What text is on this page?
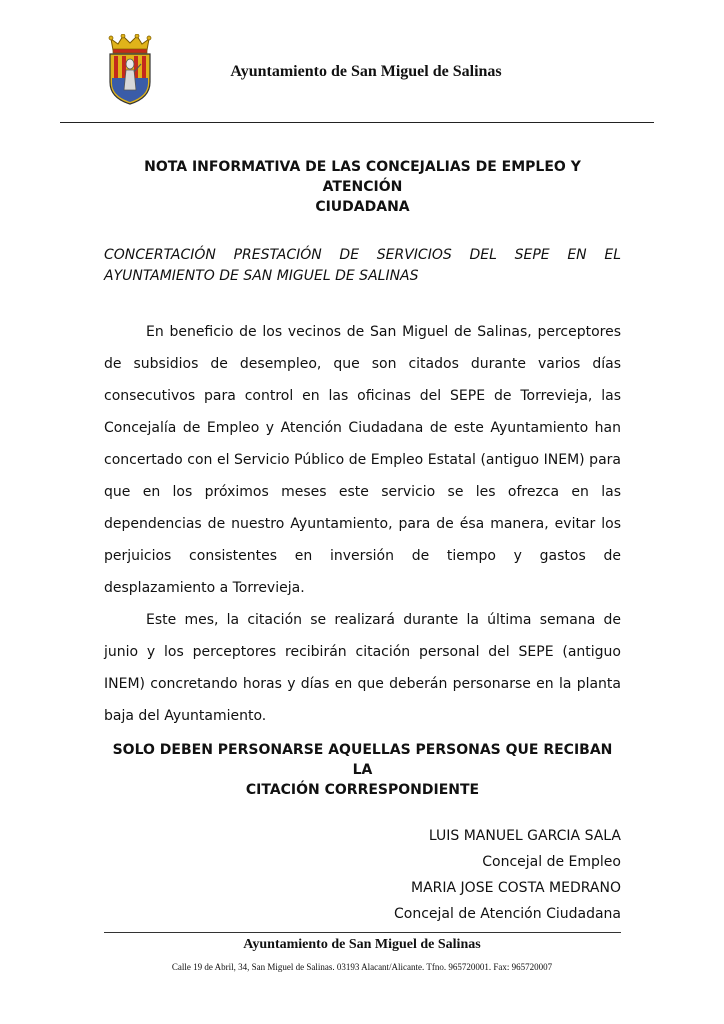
Ayuntamiento de San Miguel de Salinas
NOTA INFORMATIVA DE LAS CONCEJALIAS DE EMPLEO Y ATENCIÓN
CIUDADANA
CONCERTACIÓN PRESTACIÓN DE SERVICIOS DEL SEPE EN EL
AYUNTAMIENTO DE SAN MIGUEL DE SALINAS

En beneficio de los vecinos de San Miguel de Salinas, perceptores de subsidios de desempleo, que son citados durante varios días consecutivos para control en las oficinas del SEPE de Torrevieja, las Concejalía de Empleo y Atención Ciudadana de este Ayuntamiento han concertado con el Servicio Público de Empleo Estatal (antiguo INEM) para que en los próximos meses este servicio se les ofrezca en las dependencias de nuestro Ayuntamiento, para de ésa manera, evitar los perjuicios consistentes en inversión de tiempo y gastos de desplazamiento a Torrevieja.

Este mes, la citación se realizará durante la última semana de junio y los perceptores recibirán citación personal del SEPE (antiguo INEM) concretando horas y días en que deberán personarse en la planta baja del Ayuntamiento.

SOLO DEBEN PERSONARSE AQUELLAS PERSONAS QUE RECIBAN LA
CITACIÓN CORRESPONDIENTE
LUIS MANUEL GARCIA SALA
Concejal de Empleo
MARIA JOSE COSTA MEDRANO
Concejal de Atención Ciudadana
Ayuntamiento de San Miguel de Salinas
Calle 19 de Abril, 34, San Miguel de Salinas. 03193 Alacant/Alicante. Tfno. 965720001. Fax: 965720007
